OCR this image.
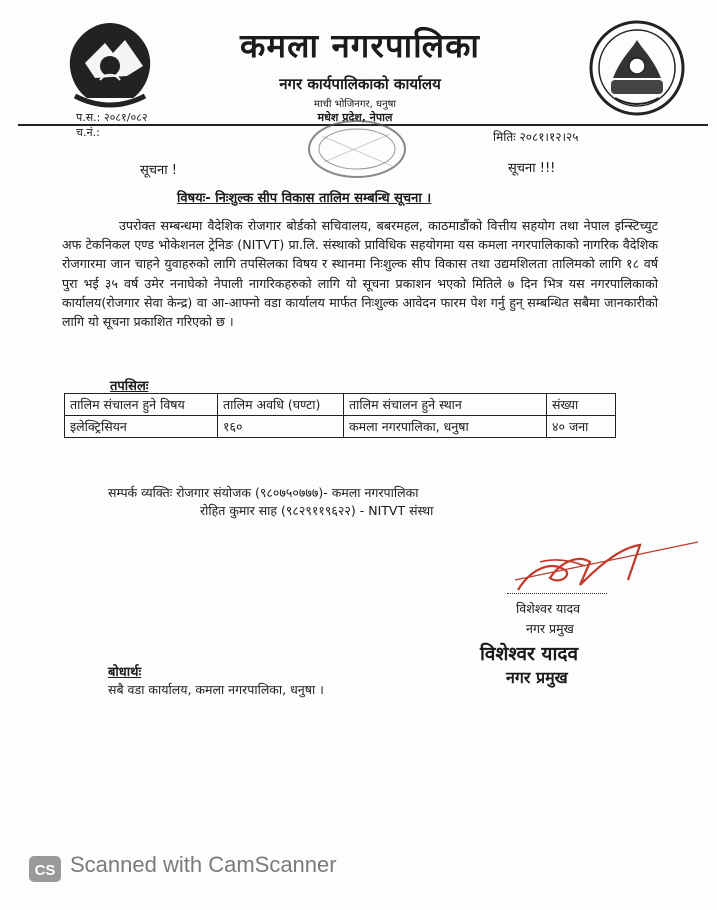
कमला नगरपालिका
नगर कार्यपालिकाको कार्यालय
माची भोजिनगर, धनुषा
मधेश प्रदेश, नेपाल
प.स.: २०८१/०८२
च.नं.:	मितिः २०८१।१२।२५
सूचना !	सूचना !!!
विषयः- निःशुल्क सीप विकास तालिम सम्बन्धि सूचना ।
उपरोक्त सम्बन्धमा वैदेशिक रोजगार बोर्डको सचिवालय, बबरमहल, काठमाडौंको वित्तीय सहयोग तथा नेपाल इन्स्टिच्युट अफ टेकनिकल एण्ड भोकेशनल ट्रेनिङ (NITVT) प्रा.लि. संस्थाको प्राविधिक सहयोगमा यस कमला नगरपालिकाको नागरिक वैदेशिक रोजगारमा जान चाहने युवाहरुको लागि तपसिलका विषय र स्थानमा निःशुल्क सीप विकास तथा उद्यमशिलता तालिमको लागि १८ वर्ष पुरा भई ३५ वर्ष उमेर ननाघेको नेपाली नागरिकहरुको लागि यो सूचना प्रकाशन भएको मितिले ७ दिन भित्र यस नगरपालिकाको कार्यालय(रोजगार सेवा केन्द्र) वा आ-आफ्नो वडा कार्यालय मार्फत निःशुल्क आवेदन फारम पेश गर्नु हुन् सम्बन्धित सबैमा जानकारीको लागि यो सूचना प्रकाशित गरिएको छ ।
तपसिलः
तालिम संचालन हुने विषय	तालिम अवधि (घण्टा)	तालिम संचालन हुने स्थान	संख्या
इलेक्ट्रिसियन	१६०	कमला नगरपालिका, धनुषा	४० जना
सम्पर्क व्यक्तिः रोजगार संयोजक (९८०७५०७७७)- कमला नगरपालिका
रोहित कुमार साह (९८२९११९६२२) - NITVT संस्था
विशेश्वर यादव
नगर प्रमुख
विशेश्वर यादव
नगर प्रमुख
बोधार्थः
सबै वडा कार्यालय, कमला नगरपालिका, धनुषा ।
CS Scanned with CamScanner
